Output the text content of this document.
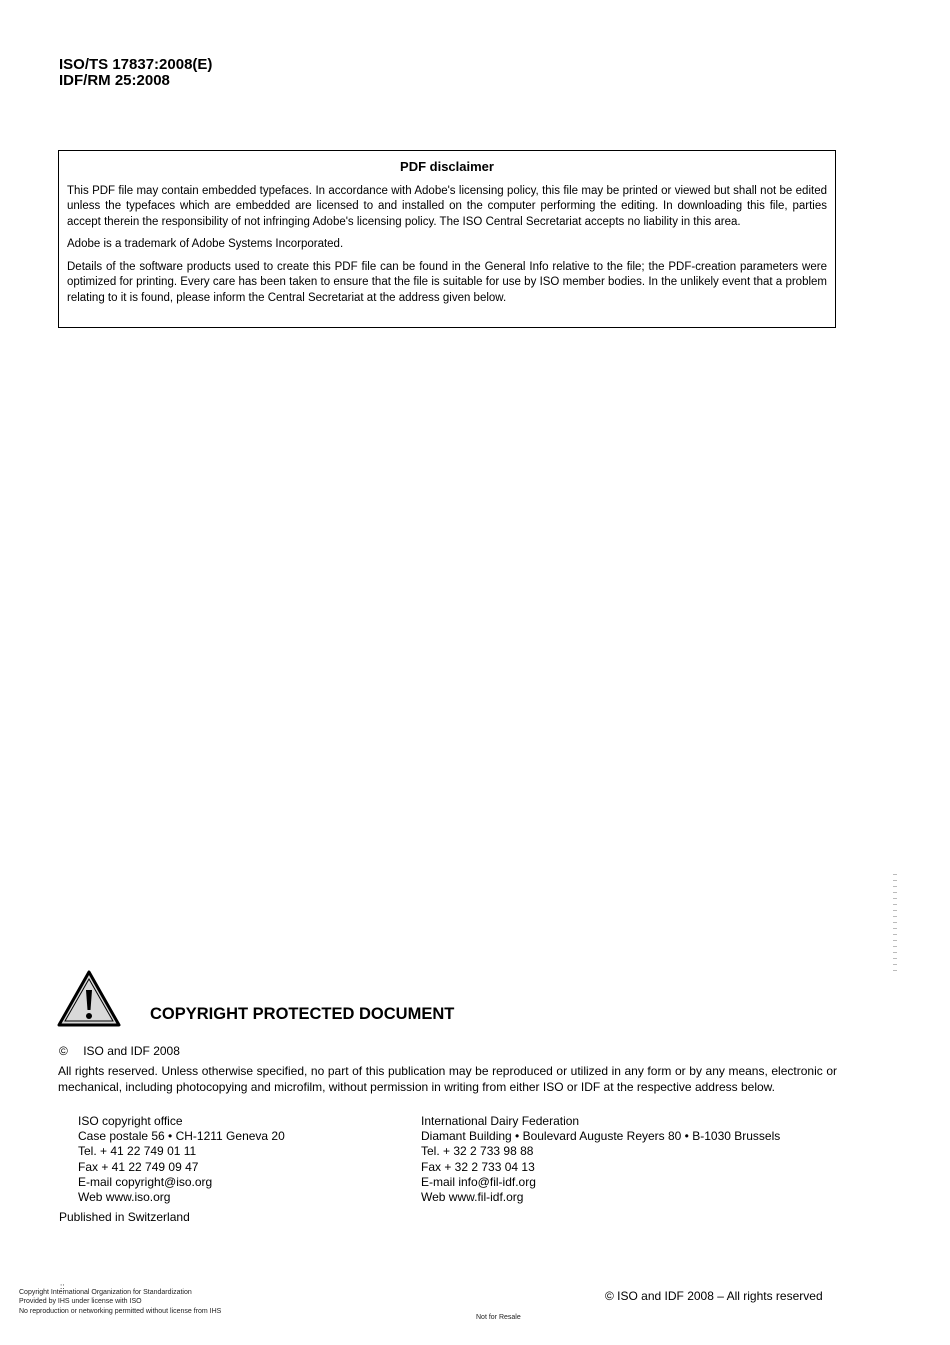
ISO/TS 17837:2008(E)
IDF/RM 25:2008
PDF disclaimer

This PDF file may contain embedded typefaces. In accordance with Adobe's licensing policy, this file may be printed or viewed but shall not be edited unless the typefaces which are embedded are licensed to and installed on the computer performing the editing. In downloading this file, parties accept therein the responsibility of not infringing Adobe's licensing policy. The ISO Central Secretariat accepts no liability in this area.

Adobe is a trademark of Adobe Systems Incorporated.

Details of the software products used to create this PDF file can be found in the General Info relative to the file; the PDF-creation parameters were optimized for printing. Every care has been taken to ensure that the file is suitable for use by ISO member bodies. In the unlikely event that a problem relating to it is found, please inform the Central Secretariat at the address given below.

COPYRIGHT PROTECTED DOCUMENT
© ISO and IDF 2008
All rights reserved. Unless otherwise specified, no part of this publication may be reproduced or utilized in any form or by any means, electronic or mechanical, including photocopying and microfilm, without permission in writing from either ISO or IDF at the respective address below.
ISO copyright office
Case postale 56 • CH-1211 Geneva 20
Tel. + 41 22 749 01 11
Fax + 41 22 749 09 47
E-mail copyright@iso.org
Web www.iso.org
International Dairy Federation
Diamant Building • Boulevard Auguste Reyers 80 • B-1030 Brussels
Tel. + 32 2 733 98 88
Fax + 32 2 733 04 13
E-mail info@fil-idf.org
Web www.fil-idf.org
Published in Switzerland
::
Copyright International Organization for Standardization
Provided by IHS under license with ISO
No reproduction or networking permitted without license from IHS
Not for Resale
© ISO and IDF 2008 – All rights reserved
